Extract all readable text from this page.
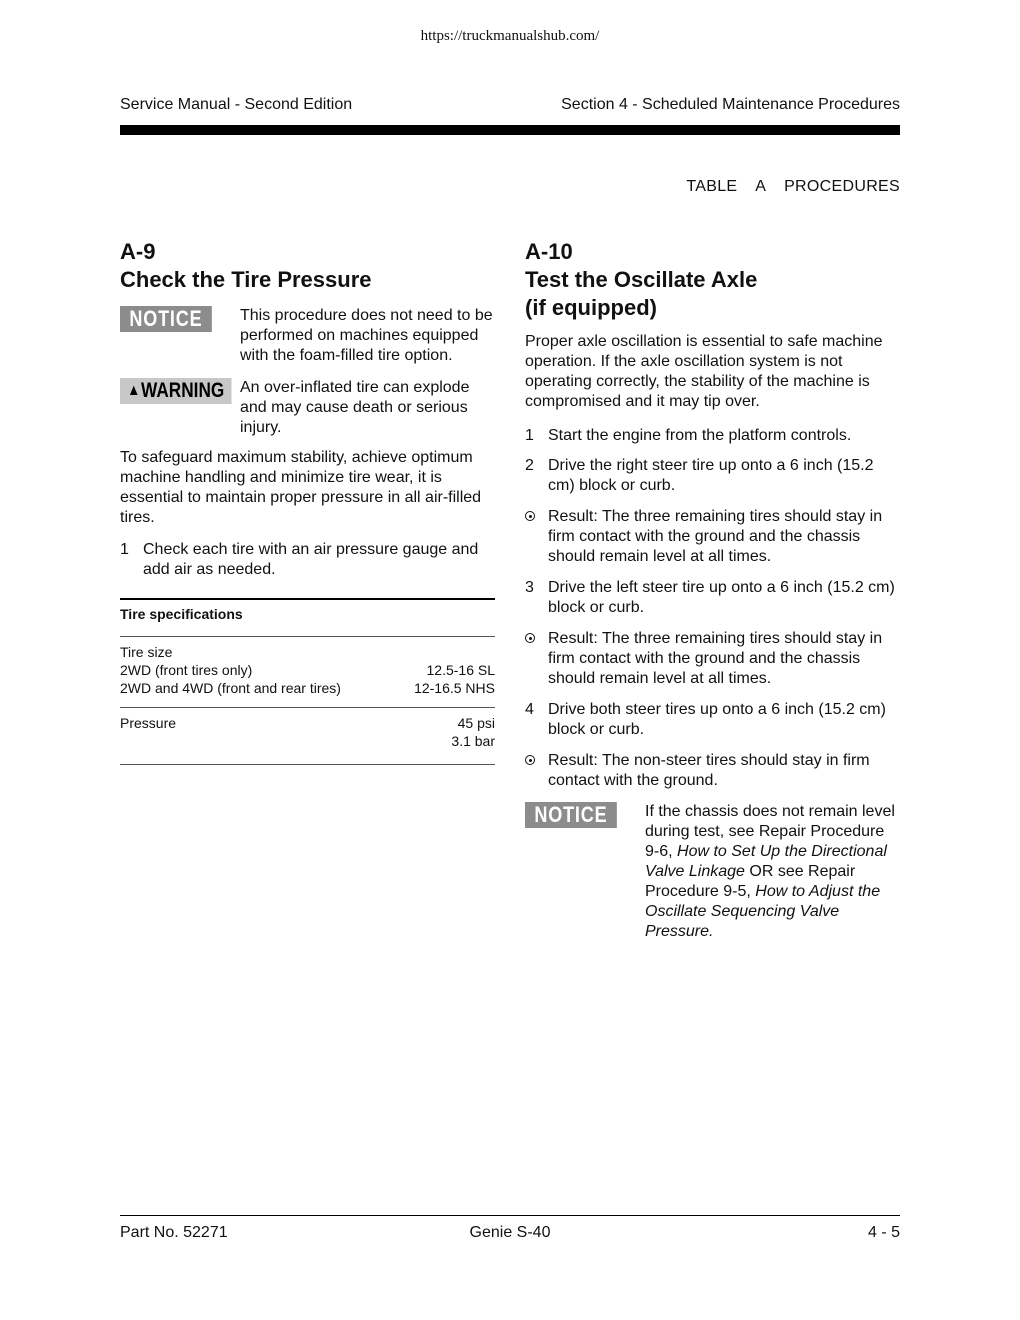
https://truckmanualshub.com/
Service Manual - Second Edition	Section 4 - Scheduled Maintenance Procedures
TABLE A PROCEDURES
A-9
Check the Tire Pressure
NOTICE	This procedure does not need to be performed on machines equipped with the foam-filled tire option.
▲ WARNING An over-inflated tire can explode and may cause death or serious injury.

To safeguard maximum stability, achieve optimum machine handling and minimize tire wear, it is essential to maintain proper pressure in all air-filled tires.

1 Check each tire with an air pressure gauge and add air as needed.
Tire specifications
Tire size
2WD (front tires only)	12.5-16 SL
2WD and 4WD (front and rear tires)	12-16.5 NHS
Pressure	45 psi
3.1 bar
A-10
Test the Oscillate Axle
(if equipped)

Proper axle oscillation is essential to safe machine operation. If the axle oscillation system is not operating correctly, the stability of the machine is compromised and it may tip over.

1 Start the engine from the platform controls.
2 Drive the right steer tire up onto a 6 inch (15.2 cm) block or curb.
Result: The three remaining tires should stay in firm contact with the ground and the chassis should remain level at all times.
3 Drive the left steer tire up onto a 6 inch (15.2 cm) block or curb.
Result: The three remaining tires should stay in firm contact with the ground and the chassis should remain level at all times.
4 Drive both steer tires up onto a 6 inch (15.2 cm) block or curb.
Result: The non-steer tires should stay in firm contact with the ground.
NOTICE	If the chassis does not remain level during test, see Repair Procedure 9-6, How to Set Up the Directional Valve Linkage OR see Repair Procedure 9-5, How to Adjust the Oscillate Sequencing Valve Pressure.
Part No. 52271	Genie S-40	4 - 5
